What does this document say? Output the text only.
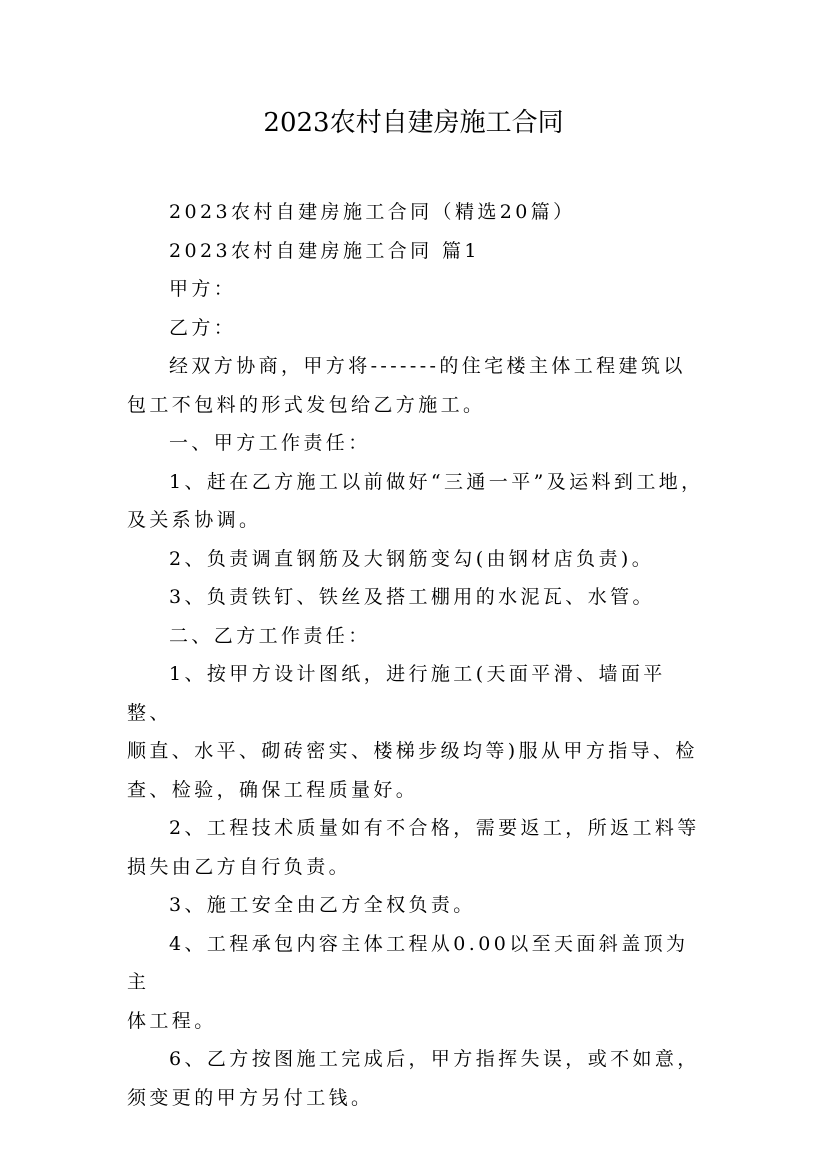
2023农村自建房施工合同

2023农村自建房施工合同（精选20篇）

2023农村自建房施工合同 篇1

甲方：

乙方：

经双方协商，甲方将-------的住宅楼主体工程建筑以
包工不包料的形式发包给乙方施工。

一、甲方工作责任：

1、赶在乙方施工以前做好“三通一平”及运料到工地，
及关系协调。

2、负责调直钢筋及大钢筋变勾(由钢材店负责)。

3、负责铁钉、铁丝及搭工棚用的水泥瓦、水管。

二、乙方工作责任：

1、按甲方设计图纸，进行施工(天面平滑、墙面平整、
顺直、水平、砌砖密实、楼梯步级均等)服从甲方指导、检
查、检验，确保工程质量好。

2、工程技术质量如有不合格，需要返工，所返工料等
损失由乙方自行负责。

3、施工安全由乙方全权负责。

4、工程承包内容主体工程从0.00以至天面斜盖顶为主
体工程。

6、乙方按图施工完成后，甲方指挥失误，或不如意，
须变更的甲方另付工钱。
